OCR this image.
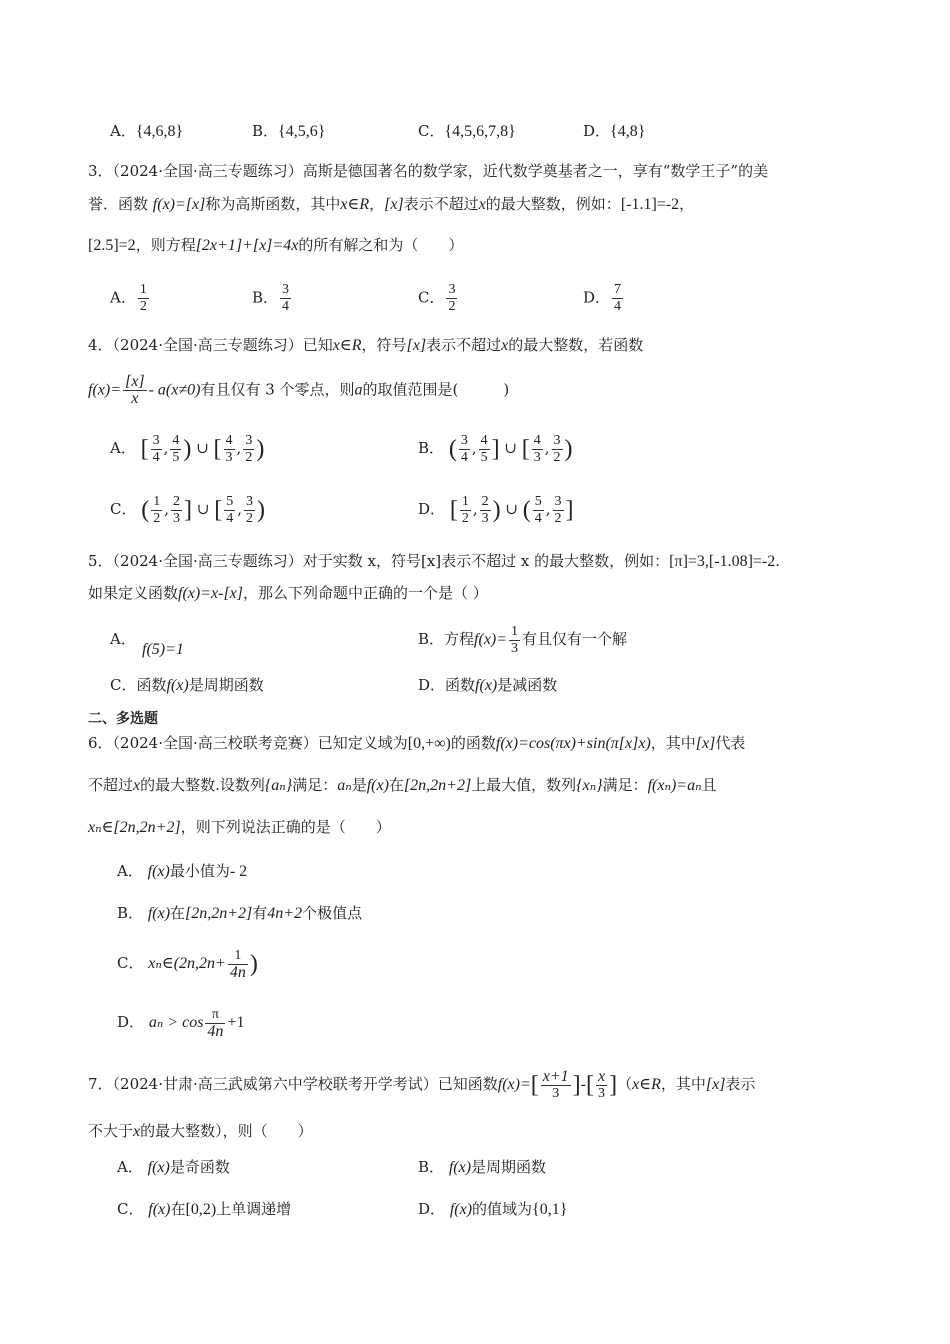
A．{4,6,8}	B．{4,5,6}	C．{4,5,6,7,8}	D．{4,8}
3．（2024·全国·高三专题练习）高斯是德国著名的数学家，近代数学奠基者之一，享有“数学王子”的美
誉．函数 f(x)=[x]称为高斯函数，其中x∈R，[x]表示不超过x的最大整数，例如：[-1.1]=-2，
[2.5]=2，则方程[2x+1]+[x]=4x的所有解之和为（　　）
A． $\frac{1}{2}$	B． $\frac{3}{4}$	C． $\frac{3}{2}$	D． $\frac{7}{4}$
4．（2024·全国·高三专题练习）已知x∈R，符号[x]表示不超过x的最大整数，若函数
$f(x)= \frac{[x]}{x} - a(x\ne 0)$有且仅有 3 个零点，则a的取值范围是(　　　)
A． [ $\frac{3}{4}$ , $\frac{4}{5}$ ) ∪ [ $\frac{4}{3}$ , $\frac{3}{2}$ )	B． ( $\frac{3}{4}$ , $\frac{4}{5}$ ] ∪ [ $\frac{4}{3}$ , $\frac{3}{2}$ )
C． ( $\frac{1}{2}$ , $\frac{2}{3}$ ] ∪ [ $\frac{5}{4}$ , $\frac{3}{2}$ )	D． [ $\frac{1}{2}$ , $\frac{2}{3}$ ) ∪ ( $\frac{5}{4}$ , $\frac{3}{2}$ ]
5．（2024·全国·高三专题练习）对于实数 x，符号[x]表示不超过 x 的最大整数，例如：[π]=3,[-1.08]=-2.
如果定义函数f(x)=x-[x]，那么下列命题中正确的一个是（ ）
A．
f(5)=1
B．方程$f(x)= \frac{1}{3}$ 有且仅有一个解
C．函数f(x)是周期函数	D．函数f(x)是减函数
二、多选题
6．（2024·全国·高三校联考竞赛）已知定义域为[0,+∞)的函数f(x)=cos(πx)+sin(π[x]x)，其中[x]代表
不超过x的最大整数.设数列{aₙ}满足：aₙ是f(x)在[2n,2n+2]上最大值，数列{xₙ}满足：f(xₙ)=aₙ且
xₙ∈[2n,2n+2]，则下列说法正确的是（　　）
A． f(x)最小值为- 2
B． f(x)在[2n,2n+2]有4n+2个极值点
C． xₙ∈(2n,2n+ $\frac{1}{4n}$ )
D． $a_n > \cos \frac{\pi}{4n} +1$
7．（2024·甘肃·高三武威第六中学校联考开学考试）已知函数$f(x)=[ \frac{x+1}{3}$ ]-[ $\frac{x}{3}$ ]（x∈R，其中[x]表示
不大于x的最大整数），则（　　）
A． f(x)是奇函数	B． f(x)是周期函数
C． f(x)在[0,2)上单调递增	D． f(x)的值域为{0,1}
